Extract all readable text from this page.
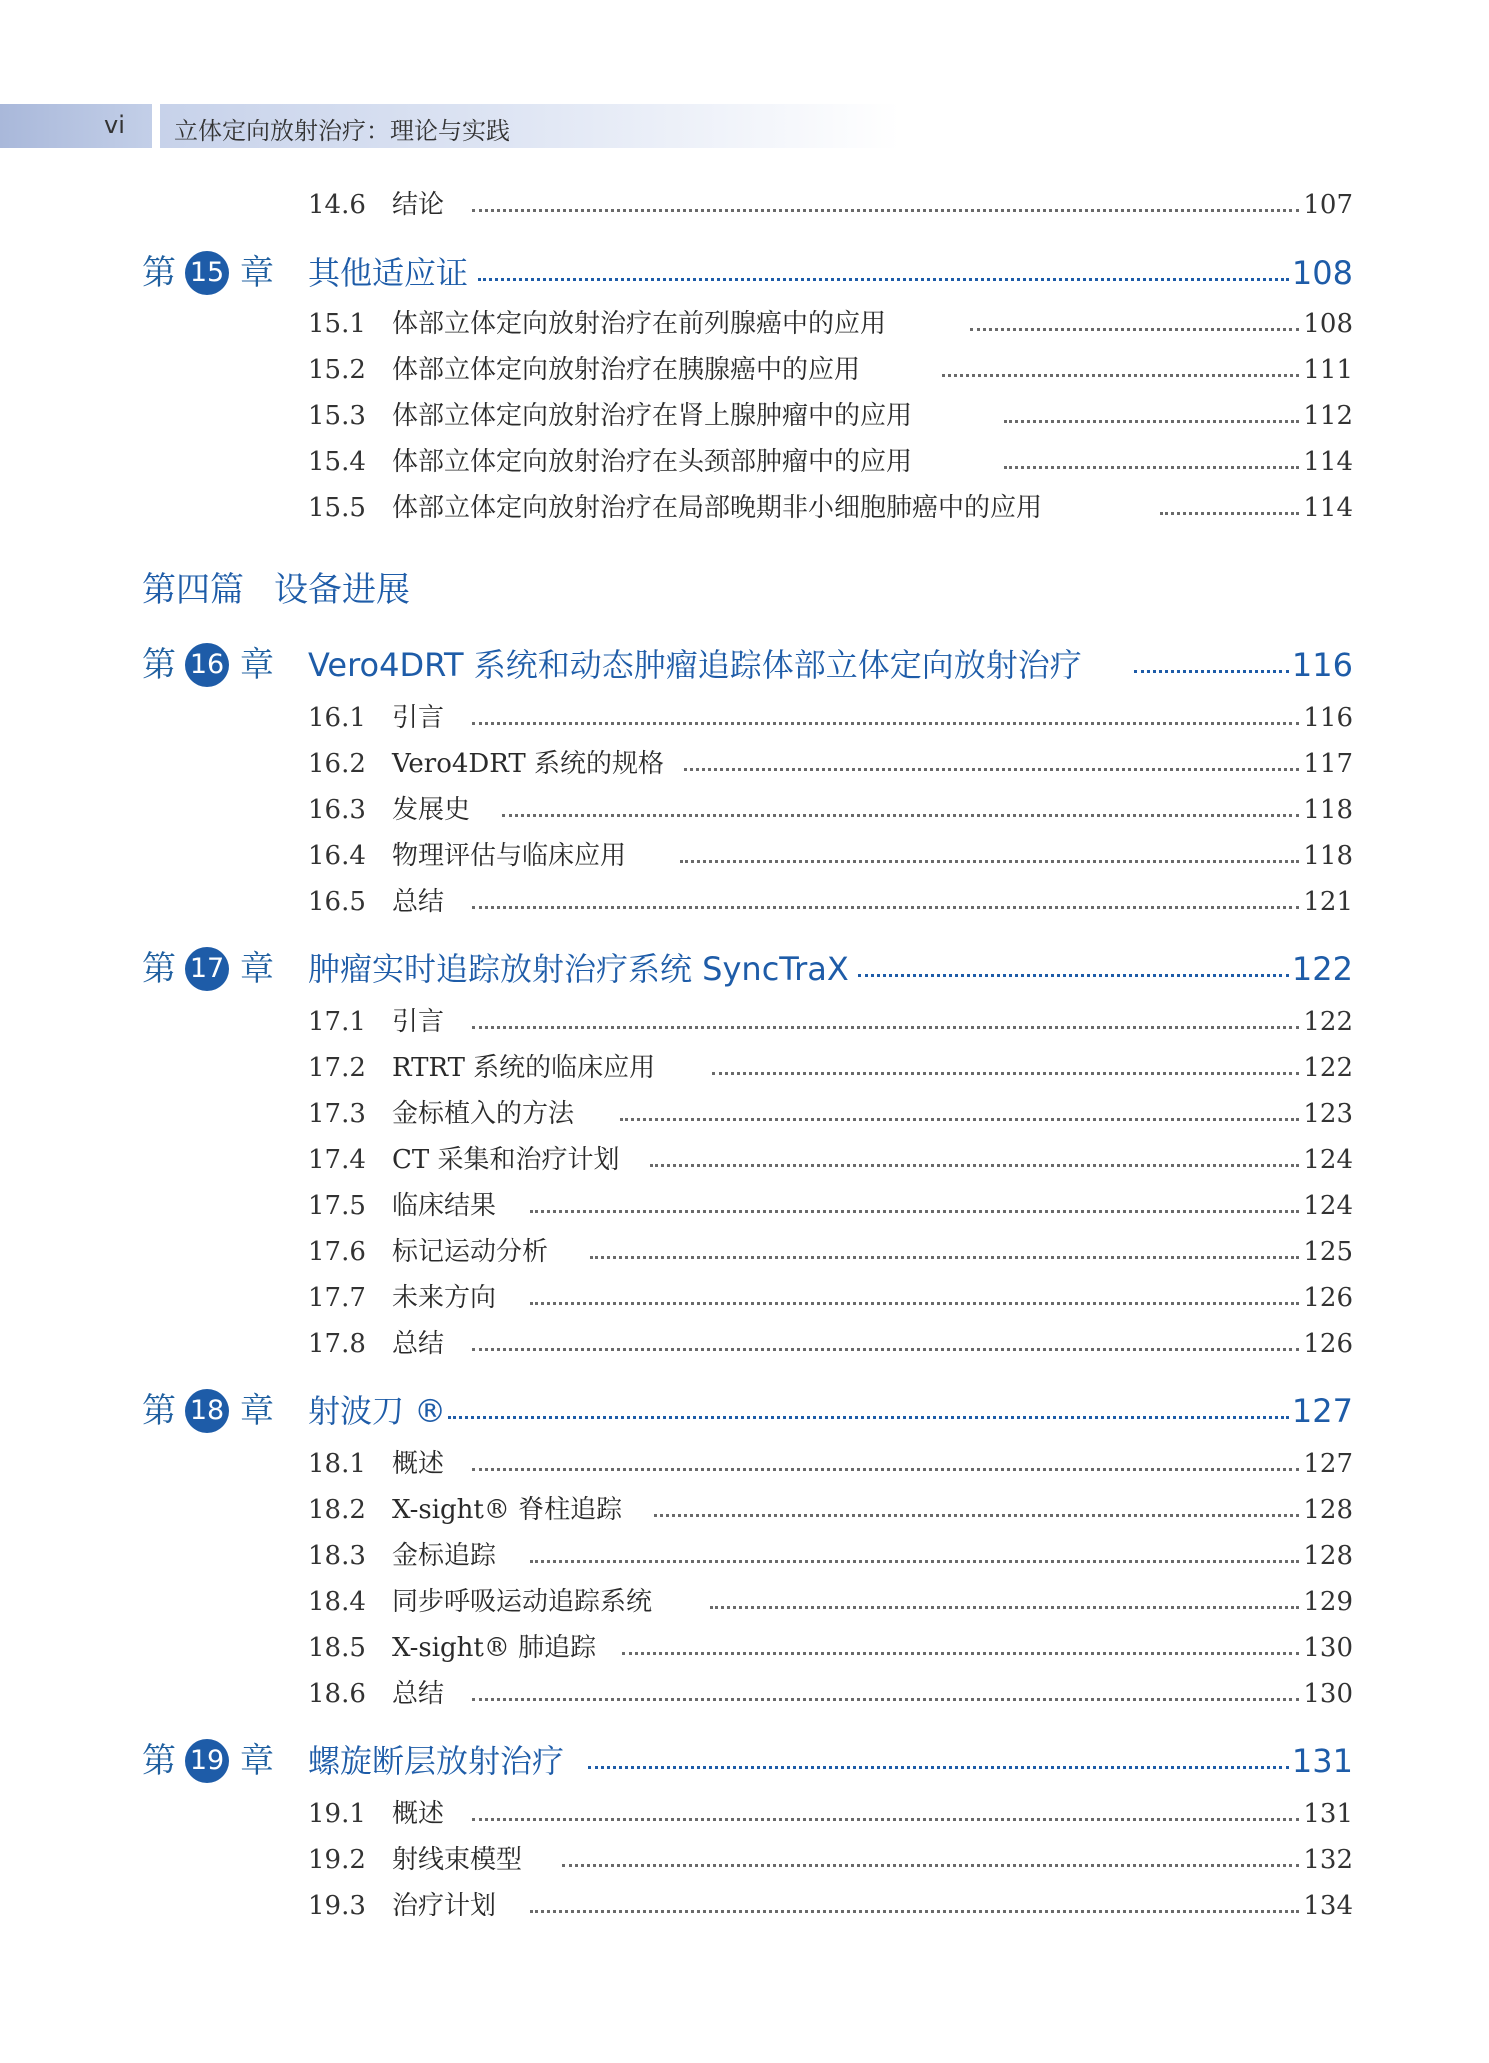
vi 立体定向放射治疗：理论与实践
14.6 结论	107
第 15 章 其他适应证	108
15.1 体部立体定向放射治疗在前列腺癌中的应用	108
15.2 体部立体定向放射治疗在胰腺癌中的应用	111
15.3 体部立体定向放射治疗在肾上腺肿瘤中的应用	112
15.4 体部立体定向放射治疗在头颈部肿瘤中的应用	114
15.5 体部立体定向放射治疗在局部晚期非小细胞肺癌中的应用	114
第四篇 设备进展
第 16 章 Vero4DRT 系统和动态肿瘤追踪体部立体定向放射治疗	116
16.1 引言	116
16.2 Vero4DRT 系统的规格	117
16.3 发展史	118
16.4 物理评估与临床应用	118
16.5 总结	121
第 17 章 肿瘤实时追踪放射治疗系统 SyncTraX	122
17.1 引言	122
17.2 RTRT 系统的临床应用	122
17.3 金标植入的方法	123
17.4 CT 采集和治疗计划	124
17.5 临床结果	124
17.6 标记运动分析	125
17.7 未来方向	126
17.8 总结	126
第 18 章 射波刀 ®	127
18.1 概述	127
18.2 X-sight® 脊柱追踪	128
18.3 金标追踪	128
18.4 同步呼吸运动追踪系统	129
18.5 X-sight® 肺追踪	130
18.6 总结	130
第 19 章 螺旋断层放射治疗	131
19.1 概述	131
19.2 射线束模型	132
19.3 治疗计划	134
